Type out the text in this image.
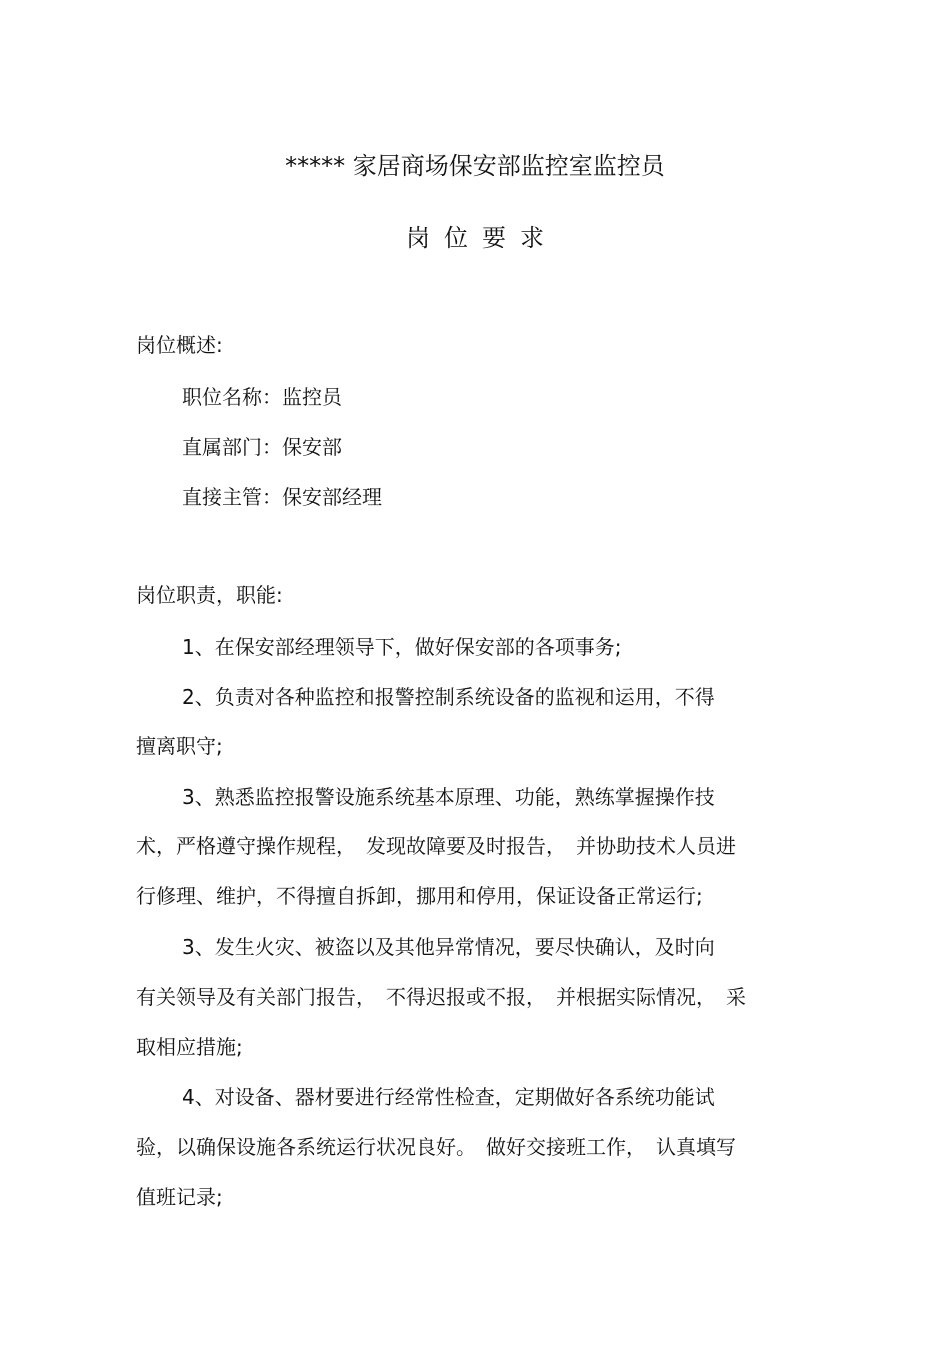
***** 家居商场保安部监控室监控员
岗位要求
岗位概述:
职位名称：监控员
直属部门：保安部
直接主管：保安部经理
岗位职责，职能:
1、在保安部经理领导下，做好保安部的各项事务;
2、负责对各种监控和报警控制系统设备的监视和运用，不得
擅离职守;
3、熟悉监控报警设施系统基本原理、功能，熟练掌握操作技
术，严格遵守操作规程，　发现故障要及时报告，　并协助技术人员进
行修理、维护，不得擅自拆卸，挪用和停用，保证设备正常运行;
3、发生火灾、被盗以及其他异常情况，要尽快确认，及时向
有关领导及有关部门报告，　不得迟报或不报，　并根据实际情况，　采
取相应措施;
4、对设备、器材要进行经常性检查，定期做好各系统功能试
验，以确保设施各系统运行状况良好。　做好交接班工作，　认真填写
值班记录;
